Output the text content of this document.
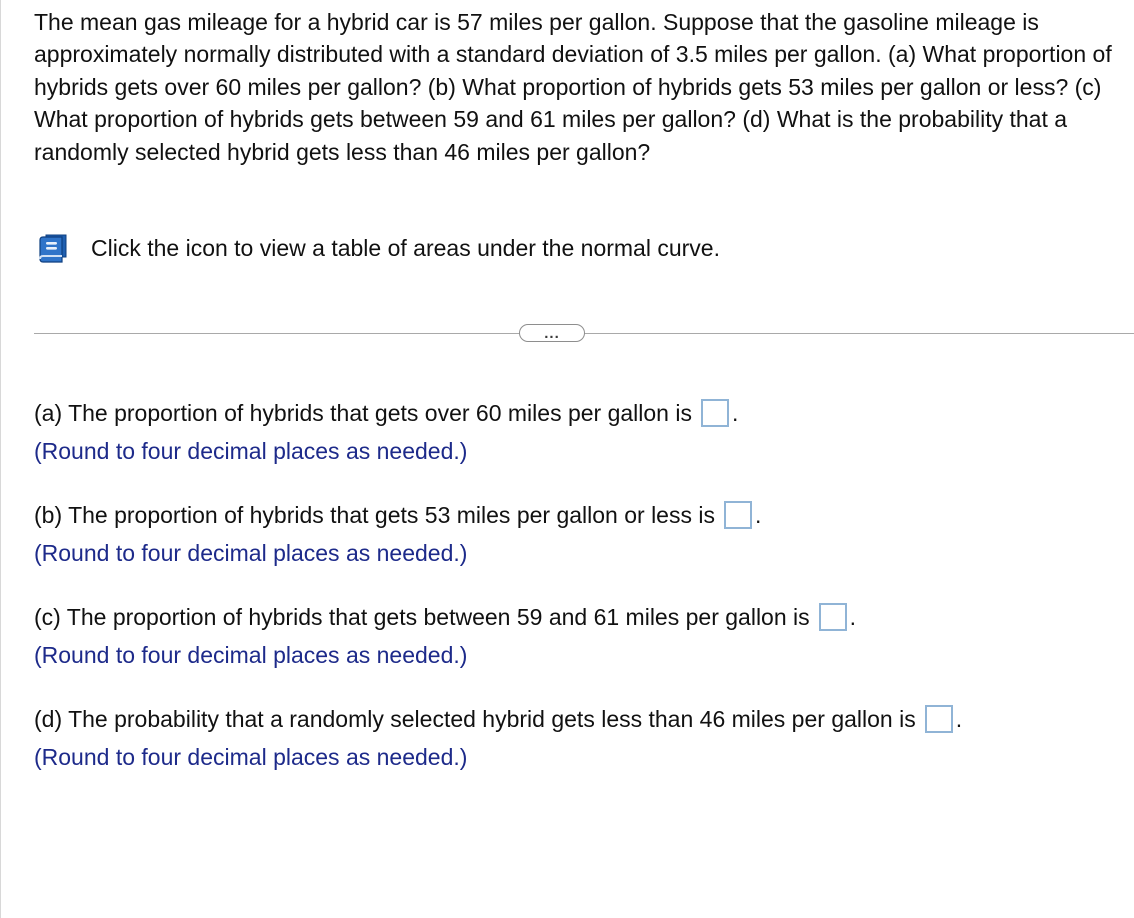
The mean gas mileage for a hybrid car is 57 miles per gallon. Suppose that the gasoline mileage is approximately normally distributed with a standard deviation of 3.5 miles per gallon. (a) What proportion of hybrids gets over 60 miles per gallon? (b) What proportion of hybrids gets 53 miles per gallon or less? (c) What proportion of hybrids gets between 59 and 61 miles per gallon? (d) What is the probability that a randomly selected hybrid gets less than 46 miles per gallon?

Click the icon to view a table of areas under the normal curve.
...
(a) The proportion of hybrids that gets over 60 miles per gallon is .
(Round to four decimal places as needed.)
(b) The proportion of hybrids that gets 53 miles per gallon or less is .
(Round to four decimal places as needed.)
(c) The proportion of hybrids that gets between 59 and 61 miles per gallon is .
(Round to four decimal places as needed.)
(d) The probability that a randomly selected hybrid gets less than 46 miles per gallon is .
(Round to four decimal places as needed.)
